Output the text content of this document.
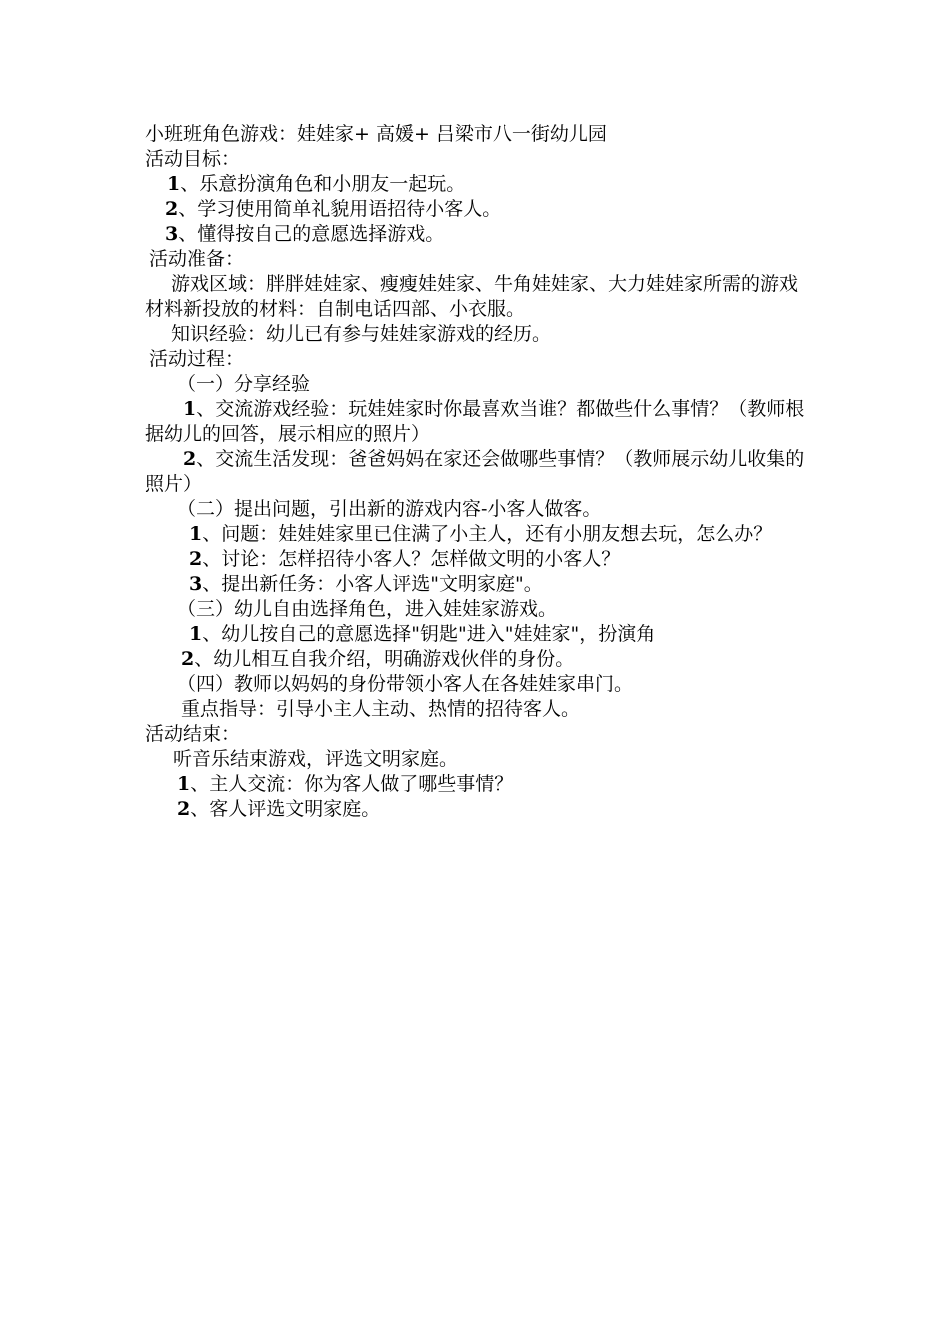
小班班角色游戏：娃娃家+ 高媛+ 吕梁市八一街幼儿园
活动目标：
1、乐意扮演角色和小朋友一起玩。
2、学习使用简单礼貌用语招待小客人。
3、懂得按自己的意愿选择游戏。
活动准备：
游戏区域：胖胖娃娃家、瘦瘦娃娃家、牛角娃娃家、大力娃娃家所需的游戏材料新投放的材料：自制电话四部、小衣服。
知识经验：幼儿已有参与娃娃家游戏的经历。
活动过程：
（一）分享经验
1、交流游戏经验：玩娃娃家时你最喜欢当谁？都做些什么事情？（教师根据幼儿的回答，展示相应的照片）
2、交流生活发现：爸爸妈妈在家还会做哪些事情？（教师展示幼儿收集的照片）
（二）提出问题，引出新的游戏内容-小客人做客。
1、问题：娃娃娃家里已住满了小主人，还有小朋友想去玩，怎么办？
2、讨论：怎样招待小客人？怎样做文明的小客人？
3、提出新任务：小客人评选"文明家庭"。
（三）幼儿自由选择角色，进入娃娃家游戏。
1、幼儿按自己的意愿选择"钥匙"进入"娃娃家"，扮演角
2、幼儿相互自我介绍，明确游戏伙伴的身份。
（四）教师以妈妈的身份带领小客人在各娃娃家串门。
重点指导：引导小主人主动、热情的招待客人。
活动结束：
听音乐结束游戏，评选文明家庭。
1、主人交流：你为客人做了哪些事情？
2、客人评选文明家庭。
